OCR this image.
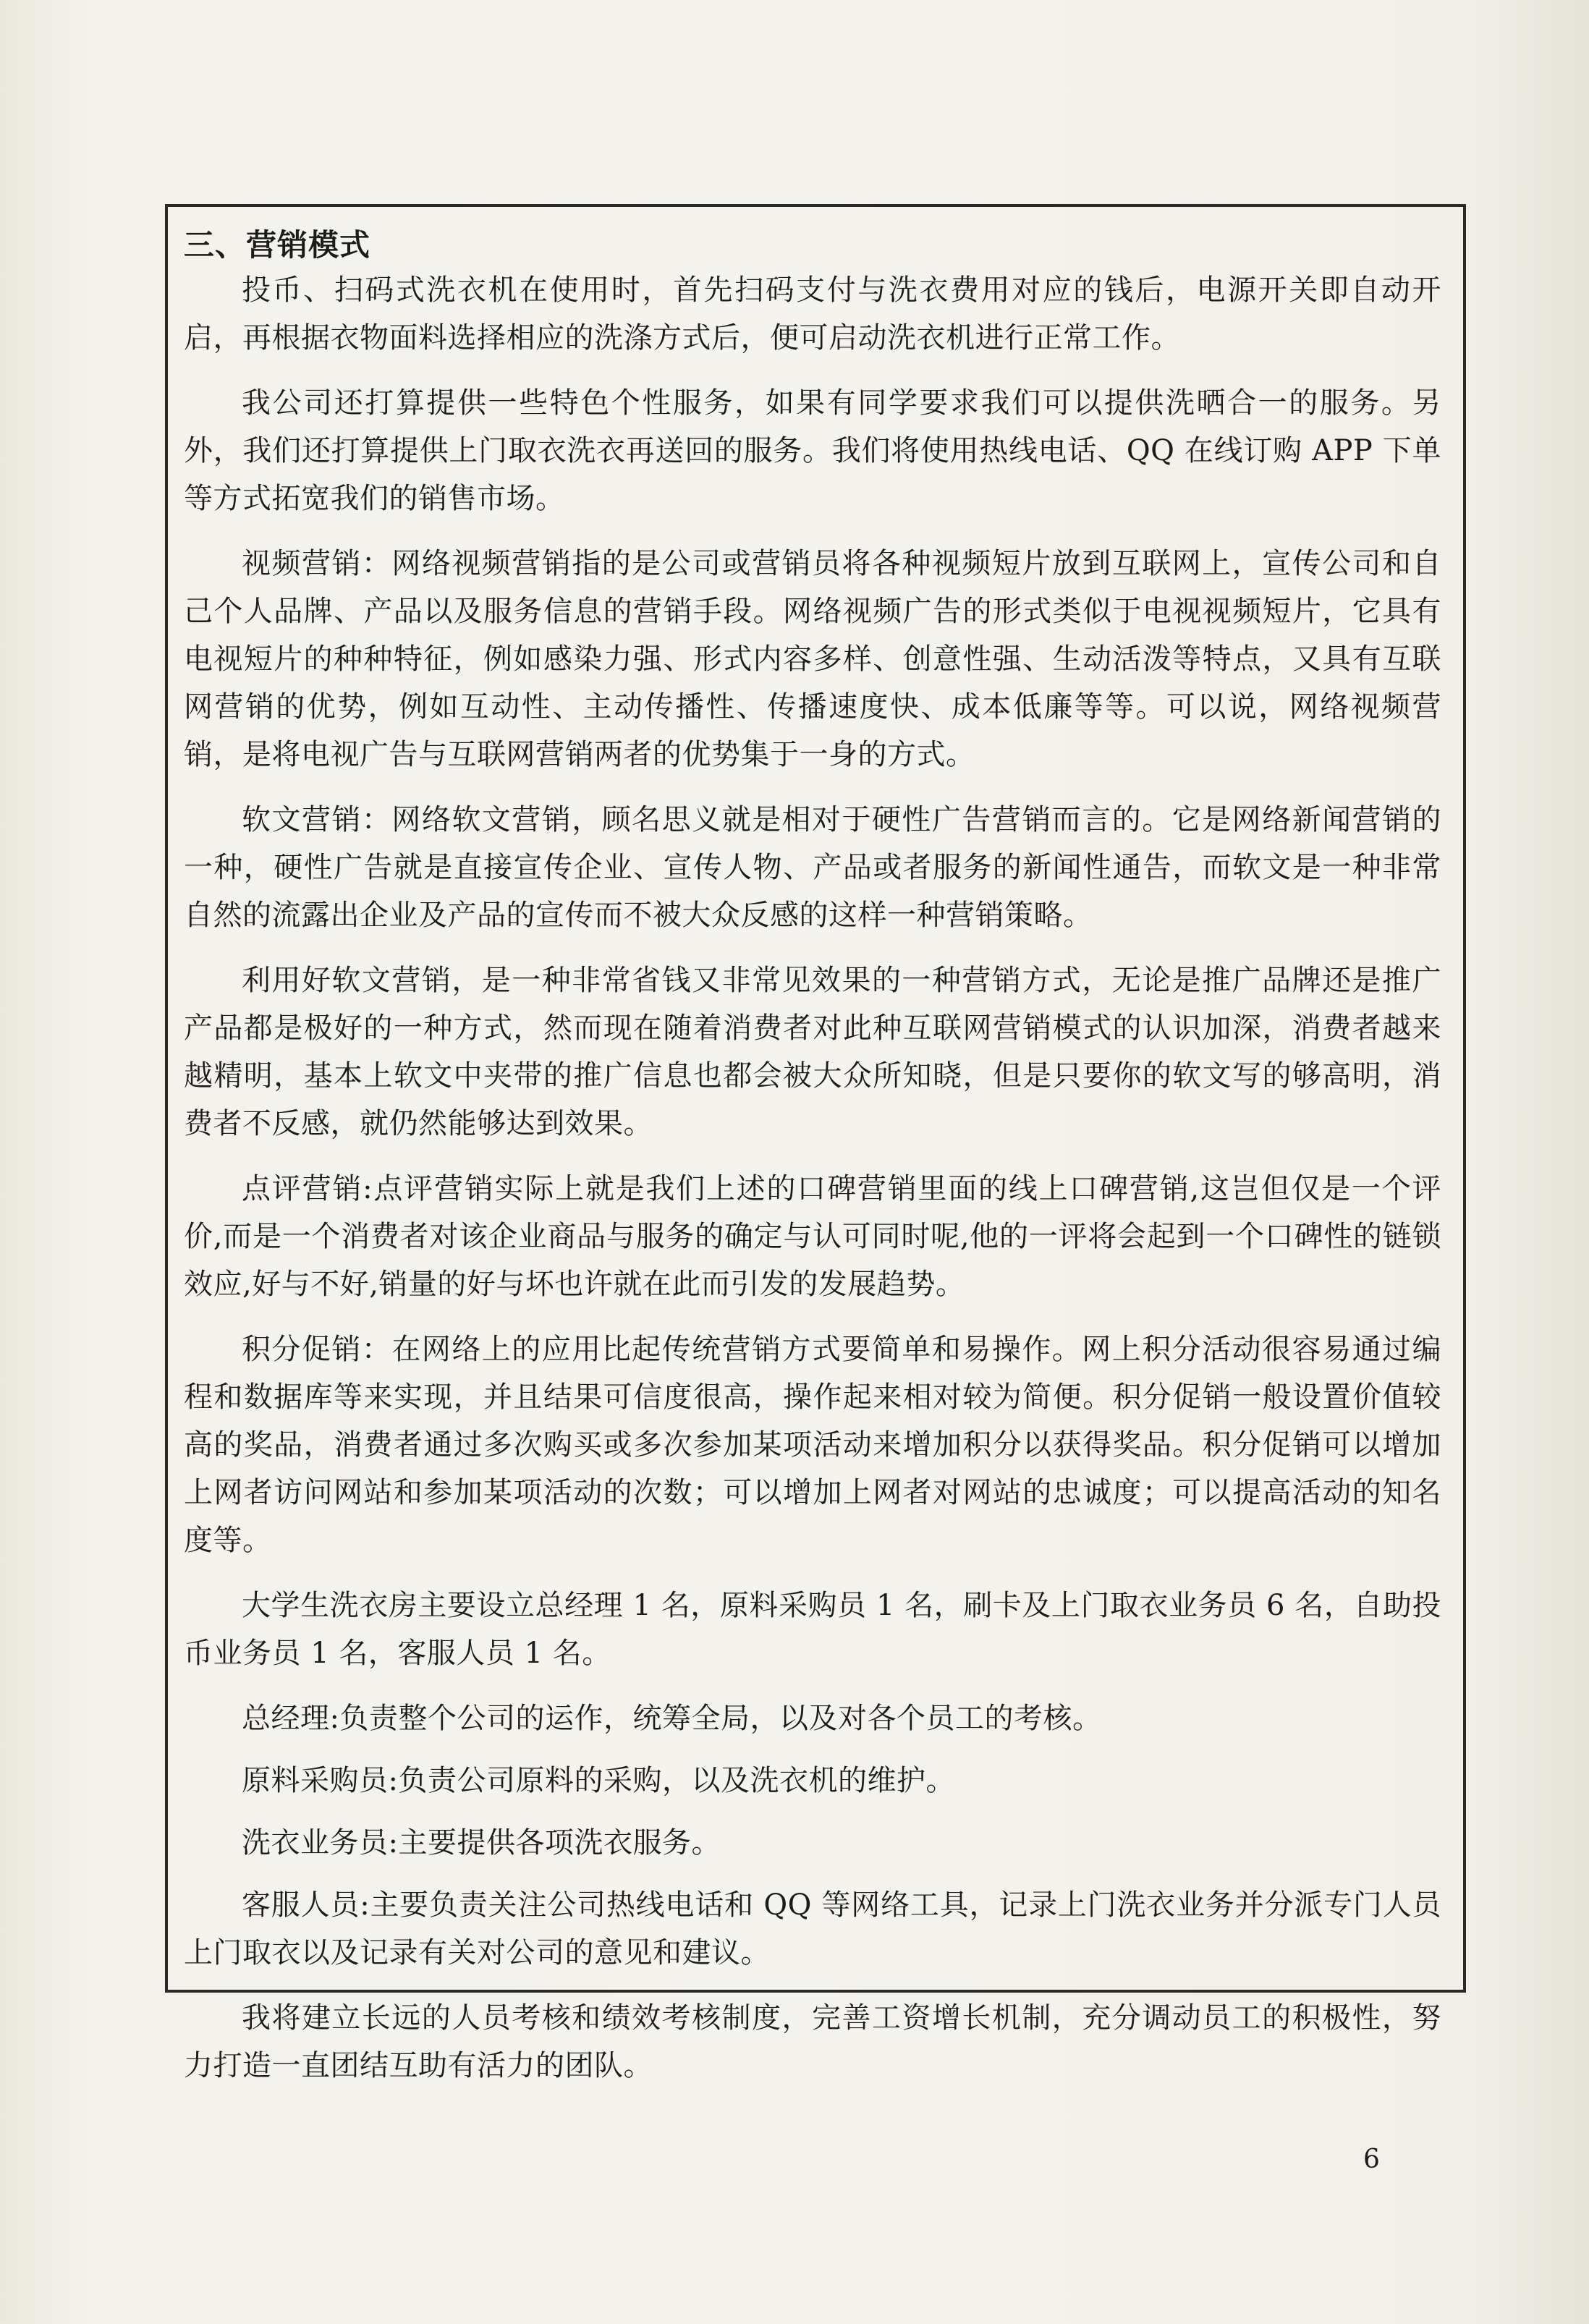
三、营销模式

投币、扫码式洗衣机在使用时，首先扫码支付与洗衣费用对应的钱后，电源开关即自动开启，再根据衣物面料选择相应的洗涤方式后，便可启动洗衣机进行正常工作。

我公司还打算提供一些特色个性服务，如果有同学要求我们可以提供洗晒合一的服务。另外，我们还打算提供上门取衣洗衣再送回的服务。我们将使用热线电话、QQ 在线订购 APP 下单等方式拓宽我们的销售市场。

视频营销：网络视频营销指的是公司或营销员将各种视频短片放到互联网上，宣传公司和自己个人品牌、产品以及服务信息的营销手段。网络视频广告的形式类似于电视视频短片，它具有电视短片的种种特征，例如感染力强、形式内容多样、创意性强、生动活泼等特点，又具有互联网营销的优势，例如互动性、主动传播性、传播速度快、成本低廉等等。可以说，网络视频营销，是将电视广告与互联网营销两者的优势集于一身的方式。

软文营销：网络软文营销，顾名思义就是相对于硬性广告营销而言的。它是网络新闻营销的一种，硬性广告就是直接宣传企业、宣传人物、产品或者服务的新闻性通告，而软文是一种非常自然的流露出企业及产品的宣传而不被大众反感的这样一种营销策略。

利用好软文营销，是一种非常省钱又非常见效果的一种营销方式，无论是推广品牌还是推广产品都是极好的一种方式，然而现在随着消费者对此种互联网营销模式的认识加深，消费者越来越精明，基本上软文中夹带的推广信息也都会被大众所知晓，但是只要你的软文写的够高明，消费者不反感，就仍然能够达到效果。

点评营销:点评营销实际上就是我们上述的口碑营销里面的线上口碑营销,这岂但仅是一个评价,而是一个消费者对该企业商品与服务的确定与认可同时呢,他的一评将会起到一个口碑性的链锁效应,好与不好,销量的好与坏也许就在此而引发的发展趋势。

积分促销：在网络上的应用比起传统营销方式要简单和易操作。网上积分活动很容易通过编程和数据库等来实现，并且结果可信度很高，操作起来相对较为简便。积分促销一般设置价值较高的奖品，消费者通过多次购买或多次参加某项活动来增加积分以获得奖品。积分促销可以增加上网者访问网站和参加某项活动的次数；可以增加上网者对网站的忠诚度；可以提高活动的知名度等。

大学生洗衣房主要设立总经理 1 名，原料采购员 1 名，刷卡及上门取衣业务员 6 名，自助投币业务员 1 名，客服人员 1 名。

总经理:负责整个公司的运作，统筹全局，以及对各个员工的考核。

原料采购员:负责公司原料的采购，以及洗衣机的维护。

洗衣业务员:主要提供各项洗衣服务。

客服人员:主要负责关注公司热线电话和 QQ 等网络工具，记录上门洗衣业务并分派专门人员上门取衣以及记录有关对公司的意见和建议。

我将建立长远的人员考核和绩效考核制度，完善工资增长机制，充分调动员工的积极性，努力打造一直团结互助有活力的团队。

6
